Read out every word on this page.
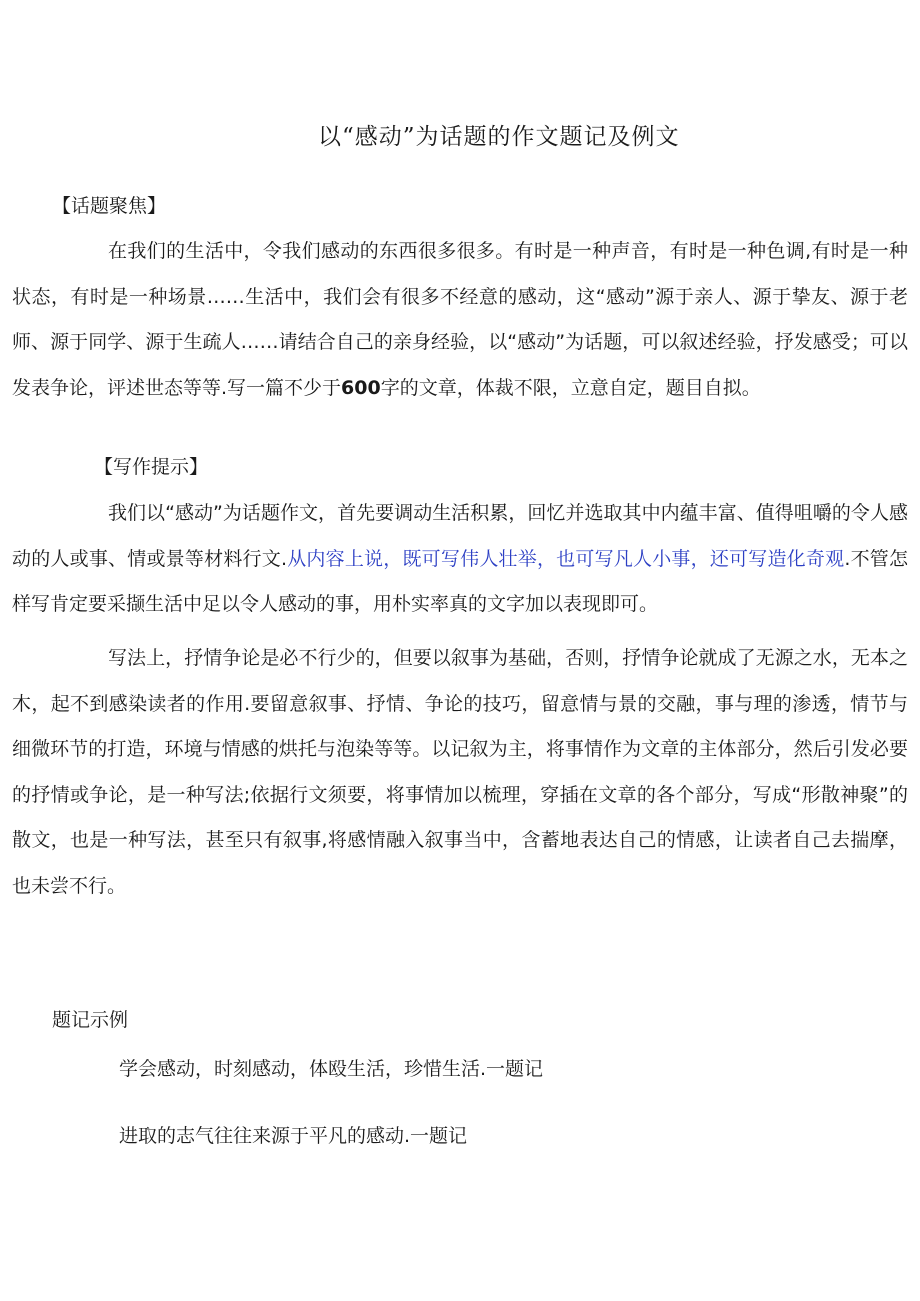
以“感动”为话题的作文题记及例文
【话题聚焦】

在我们的生活中，令我们感动的东西很多很多。有时是一种声音，有时是一种色调,有时是一种状态，有时是一种场景……生活中，我们会有很多不经意的感动，这“感动”源于亲人、源于挚友、源于老师、源于同学、源于生疏人……请结合自己的亲身经验，以“感动”为话题，可以叙述经验，抒发感受；可以发表争论，评述世态等等.写一篇不少于600字的文章，体裁不限，立意自定，题目自拟。

【写作提示】

我们以“感动”为话题作文，首先要调动生活积累，回忆并选取其中内蕴丰富、值得咀嚼的令人感动的人或事、情或景等材料行文.从内容上说，既可写伟人壮举，也可写凡人小事，还可写造化奇观.不管怎样写肯定要采撷生活中足以令人感动的事，用朴实率真的文字加以表现即可。

写法上，抒情争论是必不行少的，但要以叙事为基础，否则，抒情争论就成了无源之水，无本之木，起不到感染读者的作用.要留意叙事、抒情、争论的技巧，留意情与景的交融，事与理的渗透，情节与细微环节的打造，环境与情感的烘托与泡染等等。以记叙为主，将事情作为文章的主体部分，然后引发必要的抒情或争论，是一种写法;依据行文须要，将事情加以梳理，穿插在文章的各个部分，写成“形散神聚”的散文，也是一种写法，甚至只有叙事,将感情融入叙事当中，含蓄地表达自己的情感，让读者自己去揣摩，也未尝不行。

题记示例
学会感动，时刻感动，体殴生活，珍惜生活.一题记
进取的志气往往来源于平凡的感动.一题记
